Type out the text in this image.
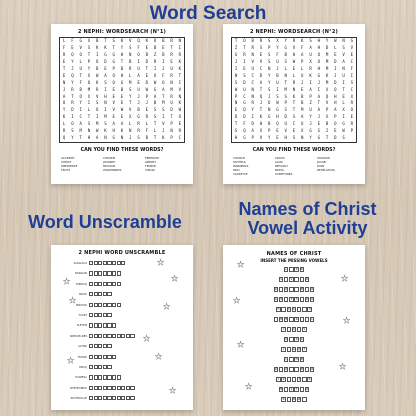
Word Search
Word Unscramble
Names of Christ
Vowel Activity
2 NEPHI: WORDSEARCH (N°1)
L	F	G	X	B	T	S	K	V	Q	K	O	B	R	N
F	E	V	S	K	K	T	Y	S	F	E	B	E	T	I
R	Q	O	T	I	G	G	H	N	O	B	Z	B	R	R
E	Y	L	P	O	D	G	T	B	I	D	R	I	E	K
T	J	U	Y	B	E	P	B	R	U	T	I	J	U	K
E	Q	T	X	W	A	O	H	L	A	E	O	F	R	T
N	Y	F	O	K	S	O	G	M	E	D	W	O	N	C
J	R	B	M	R	I	E	B	S	U	W	G	A	M	V
A	T	O	X	V	H	E	E	Y	J	P	A	T	R	N
O	R	Y	I	S	N	V	E	T	J	J	B	M	U	K
Y	D	I	L	O	I	V	W	V	B	E	S	S	D	W
K	I	C	T	I	M	E	E	X	G	R	S	I	T	O
L	O	A	S	M	S	A	A	L	R	L	T	V	P	E
R	S	M	N	W	K	H	K	N	R	F	L	J	N	R
Q	Y	T	H	A	N	G	N	J	S	B	T	K	P	C
CAN YOU FIND THESE WORDS?
ACADEMY	CHOSEN	FREEDOM
CHRIST	JOURNEY	LIBERTY
OBEDIENCE	MISSION	TEMPLE
TRUST	WILDERNESS	VISION
2 NEPHI: WORDSEARCH (N°2)
T	O	B	R	S	X	Y	R	K	S	H	Y	W	N	G
Z	T	R	S	P	Y	G	V	F	A	H	D	L	S	V
G	R	N	E	S	F	B	H	A	U	O	M	E	V	E
J	I	V	V	S	U	S	W	P	X	O	M	D	A	C
I	E	U	C	N	J	L	E	L	R	H	M	I	N	F
N	S	C	D	Y	B	N	L	U	K	G	K	J	U	I
S	D	C	A	Y	U	T	R	J	I	J	M	D	I	S
W	U	N	T	S	I	M	N	E	A	I	X	Q	T	C
P	C	N	Q	J	S	S	K	B	P	A	Q	H	E	X
N	G	R	J	O	W	P	T	B	Z	T	V	H	L	R
E	Q	Y	T	N	G	S	T	M	U	A	P	A	X	O
D	D	I	K	G	H	D	S	A	Y	J	X	P	I	E
T	F	D	H	B	Q	U	C	U	J	E	B	O	G	R
S	Q	A	X	P	E	V	E	X	G	S	I	E	W	P
H	G	P	V	Y	E	H	S	N	Y	G	T	D	S
CAN YOU FIND THESE WORDS?
CHURCH	CROSS	SHADOW
FAITHFUL	ALMA	JACOB
WARNINGS	MESSIAH	ZION
PRAY	BLESS	REVELATION
SACRIFICE	SCRIPTURES
2 NEPHI WORD UNSCRAMBLE
SARALELO
NONACIN
YRENUOJ
SNOVI
MNOISSI
TSURT
PLETEM
SREDWILNES
ACHSR
TSHCRI
OBCAJ
HSIMESA
NTEDECBEOI
ERVTNIOLAE
★
★
★
★
★
★
★
★
★
NAMES OF CHRIST
INSERT THE MISSING VOWELS
L	R	D
S	V	R
R	D	M	R
S	H	P	H	R	D
M	S	S	H
M	M	N	L
J	S	S
K	N	G
L	G	H	T
L	M	B
R	D	M	R
C	R	T	R
M	S	T	R
R	B	B
★
★
★
★
★
★
★
